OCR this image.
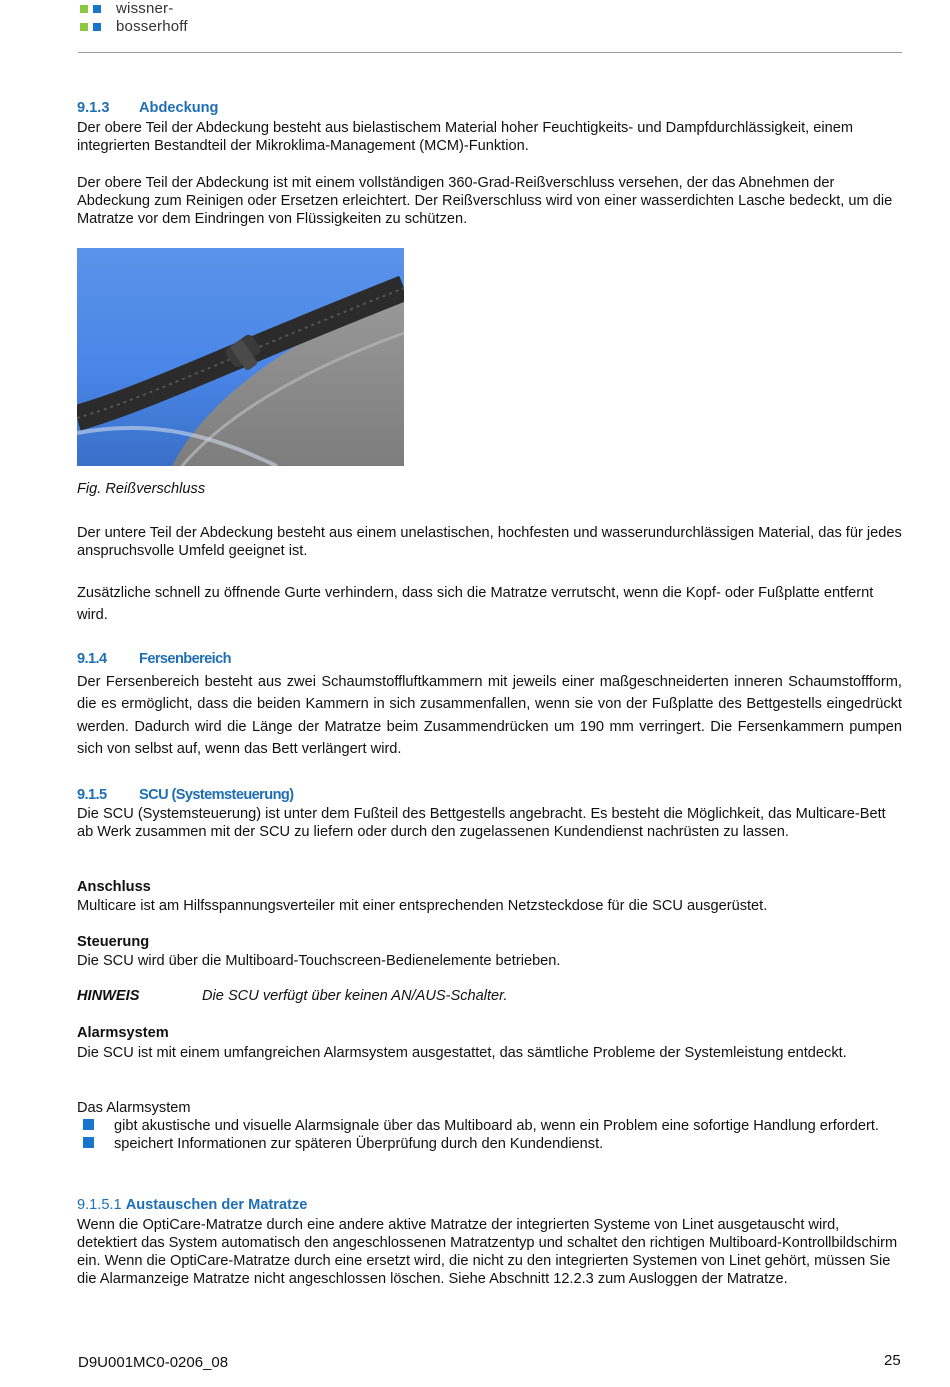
wissner-
bosserhoff
9.1.3 Abdeckung

Der obere Teil der Abdeckung besteht aus bielastischem Material hoher Feuchtigkeits- und Dampfdurchlässigkeit, einem integrierten Bestandteil der Mikroklima-Management (MCM)-Funktion.

Der obere Teil der Abdeckung ist mit einem vollständigen 360-Grad-Reißverschluss versehen, der das Abnehmen der Abdeckung zum Reinigen oder Ersetzen erleichtert. Der Reißverschluss wird von einer wasserdichten Lasche bedeckt, um die Matratze vor dem Eindringen von Flüssigkeiten zu schützen.

Fig. Reißverschluss

Der untere Teil der Abdeckung besteht aus einem unelastischen, hochfesten und wasserundurchlässigen Material, das für jedes anspruchsvolle Umfeld geeignet ist.

Zusätzliche schnell zu öffnende Gurte verhindern, dass sich die Matratze verrutscht, wenn die Kopf- oder Fußplatte entfernt wird.

9.1.4 Fersenbereich

Der Fersenbereich besteht aus zwei Schaumstoffluftkammern mit jeweils einer maßgeschneiderten inneren Schaumstoffform, die es ermöglicht, dass die beiden Kammern in sich zusammenfallen, wenn sie von der Fußplatte des Bettgestells eingedrückt werden. Dadurch wird die Länge der Matratze beim Zusammendrücken um 190 mm verringert. Die Fersenkammern pumpen sich von selbst auf, wenn das Bett verlängert wird.

9.1.5 SCU (Systemsteuerung)

Die SCU (Systemsteuerung) ist unter dem Fußteil des Bettgestells angebracht. Es besteht die Möglichkeit, das Multicare-Bett ab Werk zusammen mit der SCU zu liefern oder durch den zugelassenen Kundendienst nachrüsten zu lassen.

Anschluss

Multicare ist am Hilfsspannungsverteiler mit einer entsprechenden Netzsteckdose für die SCU ausgerüstet.

Steuerung

Die SCU wird über die Multiboard-Touchscreen-Bedienelemente betrieben.

HINWEIS	Die SCU verfügt über keinen AN/AUS-Schalter.

Alarmsystem

Die SCU ist mit einem umfangreichen Alarmsystem ausgestattet, das sämtliche Probleme der Systemleistung entdeckt.

Das Alarmsystem

gibt akustische und visuelle Alarmsignale über das Multiboard ab, wenn ein Problem eine sofortige Handlung erfordert.
speichert Informationen zur späteren Überprüfung durch den Kundendienst.
9.1.5.1 Austauschen der Matratze

Wenn die OptiCare-Matratze durch eine andere aktive Matratze der integrierten Systeme von Linet ausgetauscht wird, detektiert das System automatisch den angeschlossenen Matratzentyp und schaltet den richtigen Multiboard-Kontrollbildschirm ein. Wenn die OptiCare-Matratze durch eine ersetzt wird, die nicht zu den integrierten Systemen von Linet gehört, müssen Sie die Alarmanzeige Matratze nicht angeschlossen löschen. Siehe Abschnitt 12.2.3 zum Ausloggen der Matratze.

D9U001MC0-0206_08	25
